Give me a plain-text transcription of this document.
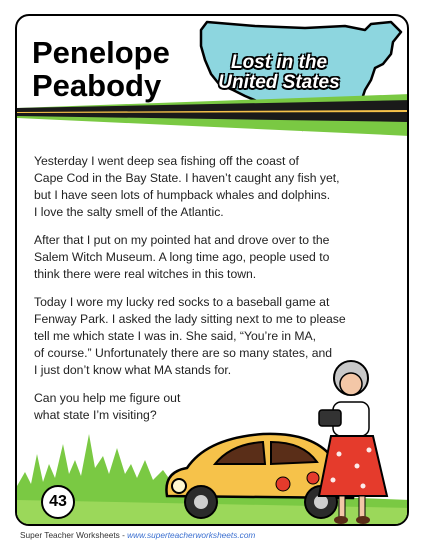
Penelope
Peabody
Lost in the
United States

Yesterday I went deep sea fishing off the coast of
Cape Cod in the Bay State. I haven’t caught any fish yet,
but I have seen lots of humpback whales and dolphins.
I love the salty smell of the Atlantic.

After that I put on my pointed hat and drove over to the
Salem Witch Museum. A long time ago, people used to
think there were real witches in this town.

Today I wore my lucky red socks to a baseball game at
Fenway Park. I asked the lady sitting next to me to please
tell me which state I was in. She said, “You’re in MA,
of course.” Unfortunately there are so many states, and
I just don’t know what MA stands for.

Can you help me figure out
what state I’m visiting?

43
Super Teacher Worksheets - www.superteacherworksheets.com
